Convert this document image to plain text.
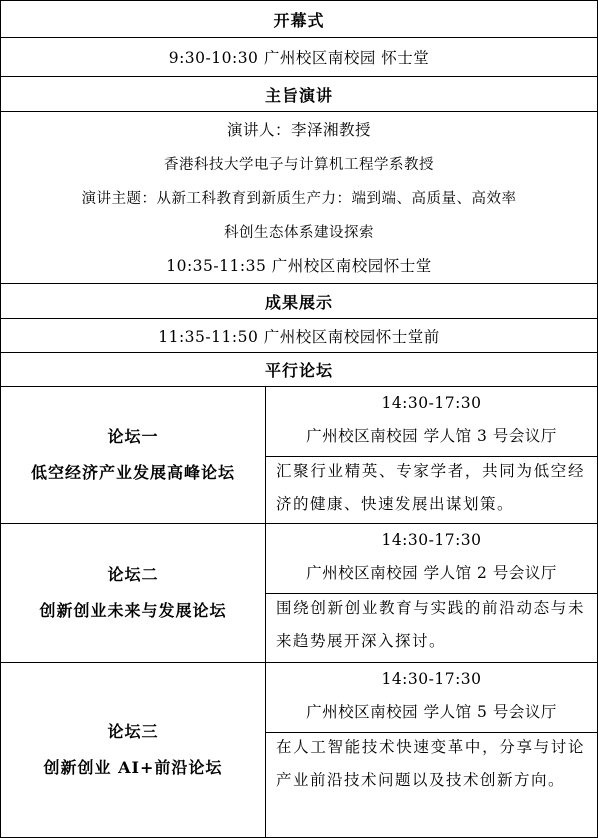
开幕式
9:30-10:30 广州校区南校园 怀士堂
主旨演讲
演讲人：李泽湘教授
香港科技大学电子与计算机工程学系教授
演讲主题：从新工科教育到新质生产力：端到端、高质量、高效率
科创生态体系建设探索
10:35-11:35 广州校区南校园怀士堂
成果展示
11:35-11:50 广州校区南校园怀士堂前
平行论坛
论坛一
低空经济产业发展高峰论坛
14:30-17:30
广州校区南校园 学人馆 3 号会议厅
汇聚行业精英、专家学者，共同为低空经济的健康、快速发展出谋划策。
论坛二
创新创业未来与发展论坛
14:30-17:30
广州校区南校园 学人馆 2 号会议厅
围绕创新创业教育与实践的前沿动态与未来趋势展开深入探讨。
论坛三
创新创业 AI+前沿论坛
14:30-17:30
广州校区南校园 学人馆 5 号会议厅
在人工智能技术快速变革中，分享与讨论产业前沿技术问题以及技术创新方向。
